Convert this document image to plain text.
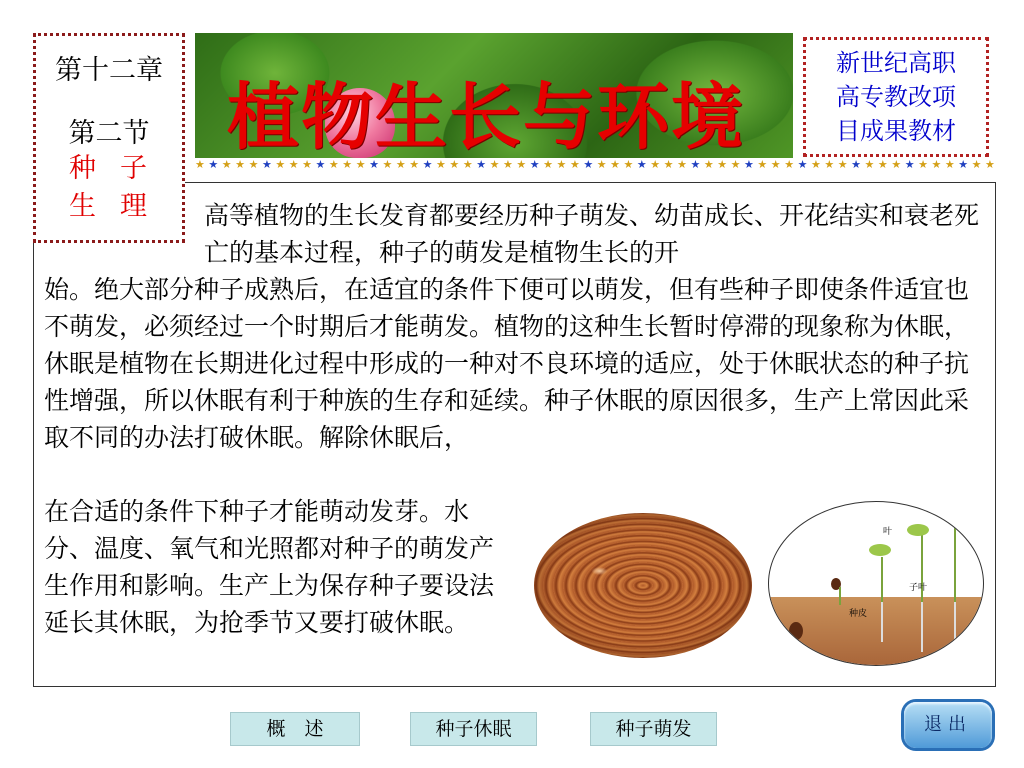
第十二章
第二节
种子
生理
植物生长与环境
新世纪高职
高专教改项
目成果教材
★ ★ ★ ★ ★ ★ ★ ★ ★ ★ ★ ★ ★ ★ ★ ★ ★ ★ ★ ★ ★ ★ ★ ★ ★ ★ ★ ★ ★ ★ ★ ★ ★ ★ ★ ★ ★ ★ ★ ★ ★ ★ ★ ★ ★ ★ ★ ★ ★ ★ ★ ★ ★ ★ ★ ★ ★ ★ ★ ★

高等植物的生长发育都要经历种子萌发、幼苗成长、开花结实和衰老死亡的基本过程，种子的萌发是植物生长的开

始。绝大部分种子成熟后，在适宜的条件下便可以萌发，但有些种子即使条件适宜也不萌发，必须经过一个时期后才能萌发。植物的这种生长暂时停滞的现象称为休眠，休眠是植物在长期进化过程中形成的一种对不良环境的适应，处于休眠状态的种子抗性增强，所以休眠有利于种族的生存和延续。种子休眠的原因很多，生产上常因此采取不同的办法打破休眠。解除休眠后，

在合适的条件下种子才能萌动发芽。水分、温度、氧气和光照都对种子的萌发产生作用和影响。生产上为保存种子要设法延长其休眠，为抢季节又要打破休眠。

叶
子叶
种皮
概　述	种子休眠	种子萌发	退出
